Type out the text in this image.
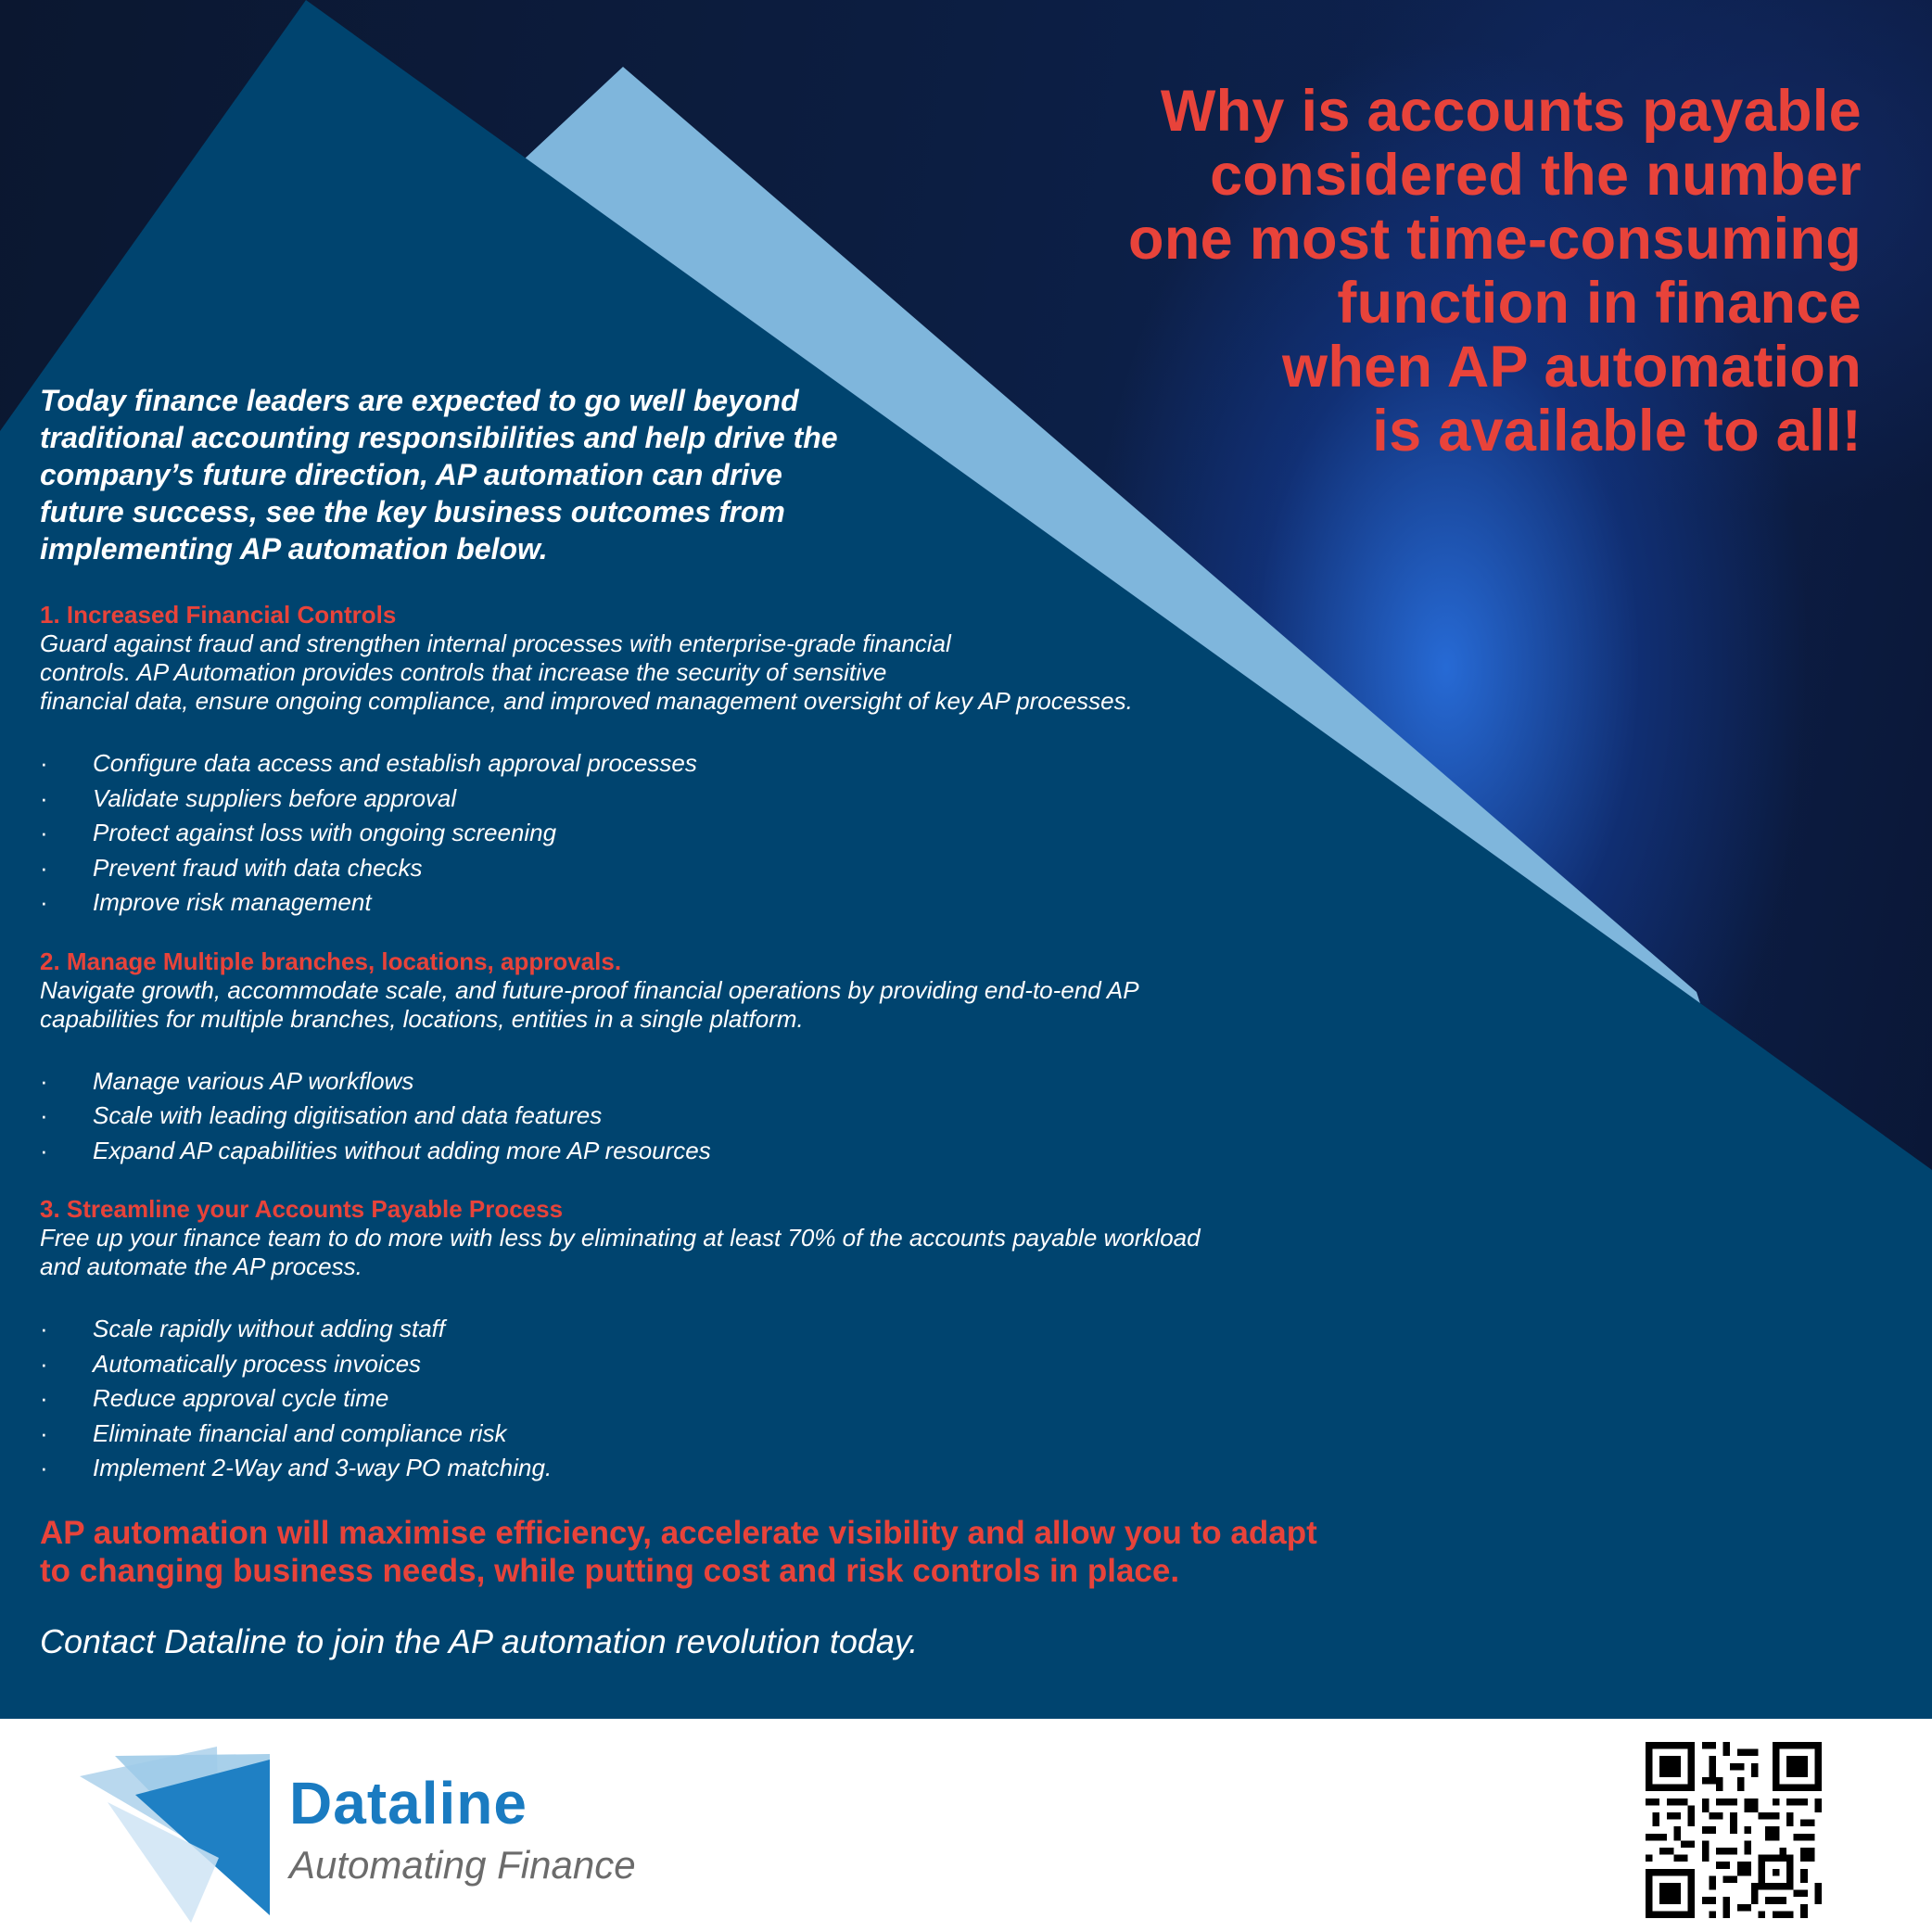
Why is accounts payable
considered the number
one most time-consuming
function in finance
when AP automation
is available to all!

Today finance leaders are expected to go well beyond
traditional accounting responsibilities and help drive the
company’s future direction, AP automation can drive
future success, see the key business outcomes from
implementing AP automation below.

1. Increased Financial Controls

Guard against fraud and strengthen internal processes with enterprise-grade financial
controls. AP Automation provides controls that increase the security of sensitive
financial data, ensure ongoing compliance, and improved management oversight of key AP processes.

·	Configure data access and establish approval processes
·	Validate suppliers before approval
·	Protect against loss with ongoing screening
·	Prevent fraud with data checks
·	Improve risk management

2. Manage Multiple branches, locations, approvals.

Navigate growth, accommodate scale, and future-proof financial operations by providing end-to-end AP
capabilities for multiple branches, locations, entities in a single platform.

·	Manage various AP workflows
·	Scale with leading digitisation and data features
·	Expand AP capabilities without adding more AP resources

3. Streamline your Accounts Payable Process

Free up your finance team to do more with less by eliminating at least 70% of the accounts payable workload
and automate the AP process.

·	Scale rapidly without adding staff
·	Automatically process invoices
·	Reduce approval cycle time
·	Eliminate financial and compliance risk
·	Implement 2-Way and 3-way PO matching.

AP automation will maximise efficiency, accelerate visibility and allow you to adapt
to changing business needs, while putting cost and risk controls in place.

Contact Dataline to join the AP automation revolution today.

Dataline
Automating Finance
